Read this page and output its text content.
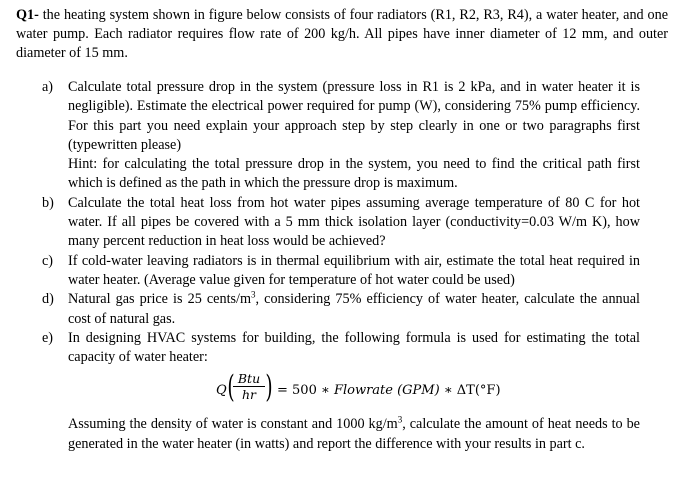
Q1- the heating system shown in figure below consists of four radiators (R1, R2, R3, R4), a water heater, and one water pump. Each radiator requires flow rate of 200 kg/h. All pipes have inner diameter of 12 mm, and outer diameter of 15 mm.

a) Calculate total pressure drop in the system (pressure loss in R1 is 2 kPa, and in water heater it is negligible). Estimate the electrical power required for pump (W), considering 75% pump efficiency. For this part you need explain your approach step by step clearly in one or two paragraphs first (typewritten please)
Hint: for calculating the total pressure drop in the system, you need to find the critical path first which is defined as the path in which the pressure drop is maximum.
b) Calculate the total heat loss from hot water pipes assuming average temperature of 80 C for hot water. If all pipes be covered with a 5 mm thick isolation layer (conductivity=0.03 W/m K), how many percent reduction in heat loss would be achieved?
c) If cold-water leaving radiators is in thermal equilibrium with air, estimate the total heat required in water heater. (Average value given for temperature of hot water could be used)
d) Natural gas price is 25 cents/$m^3$, considering 75% efficiency of water heater, calculate the annual cost of natural gas.
e) In designing HVAC systems for building, the following formula is used for estimating the total capacity of water heater:
Q ( Btu
hr ) = 500 ∗ Flowrate (GPM) ∗ ΔT(°F)
Assuming the density of water is constant and 1000 $kg/m^3$, calculate the amount of heat needs to be generated in the water heater (in watts) and report the difference with your results in part c.
